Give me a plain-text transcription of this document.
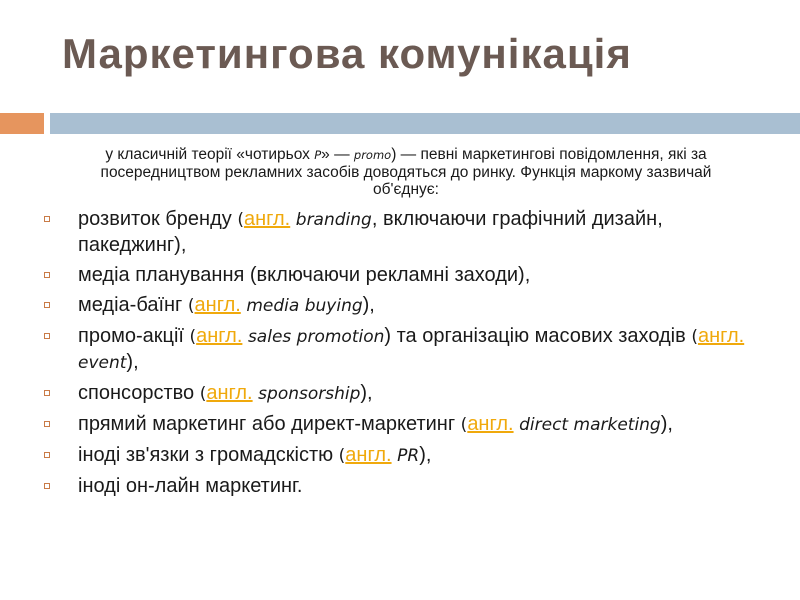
Маркетингова комунікація
у класичній теорії «чотирьох P» — promo) — певні маркетингові повідомлення, які за посередництвом рекламних засобів доводяться до ринку. Функція маркому зазвичай об'єднує:
розвиток бренду (англ. branding, включаючи графічний дизайн, пакеджинг),
медіа планування (включаючи рекламні заходи),
медіа-баїнг (англ. media buying),
промо-акції (англ. sales promotion) та організацію масових заходів (англ. event),
спонсорство (англ. sponsorship),
прямий маркетинг або директ-маркетинг (англ. direct marketing),
іноді зв'язки з громадскістю (англ. PR),
іноді он-лайн маркетинг.
